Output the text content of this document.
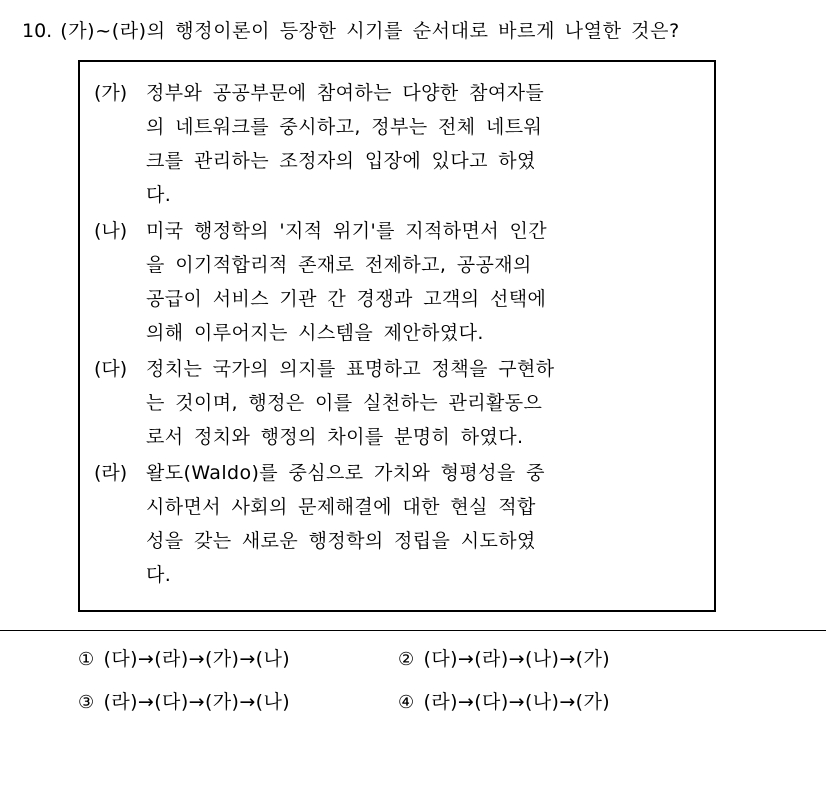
10. (가)~(라)의 행정이론이 등장한 시기를 순서대로 바르게 나열한 것은?
(가) 정부와 공공부문에 참여하는 다양한 참여자들
의 네트워크를 중시하고, 정부는 전체 네트워
크를 관리하는 조정자의 입장에 있다고 하였
다.
(나) 미국 행정학의 '지적 위기'를 지적하면서 인간
을 이기적합리적 존재로 전제하고, 공공재의
공급이 서비스 기관 간 경쟁과 고객의 선택에
의해 이루어지는 시스템을 제안하였다.
(다) 정치는 국가의 의지를 표명하고 정책을 구현하
는 것이며, 행정은 이를 실천하는 관리활동으
로서 정치와 행정의 차이를 분명히 하였다.
(라) 왈도(Waldo)를 중심으로 가치와 형평성을 중
시하면서 사회의 문제해결에 대한 현실 적합
성을 갖는 새로운 행정학의 정립을 시도하였
다.
① (다)→(라)→(가)→(나)	② (다)→(라)→(나)→(가)
③ (라)→(다)→(가)→(나)	④ (라)→(다)→(나)→(가)
